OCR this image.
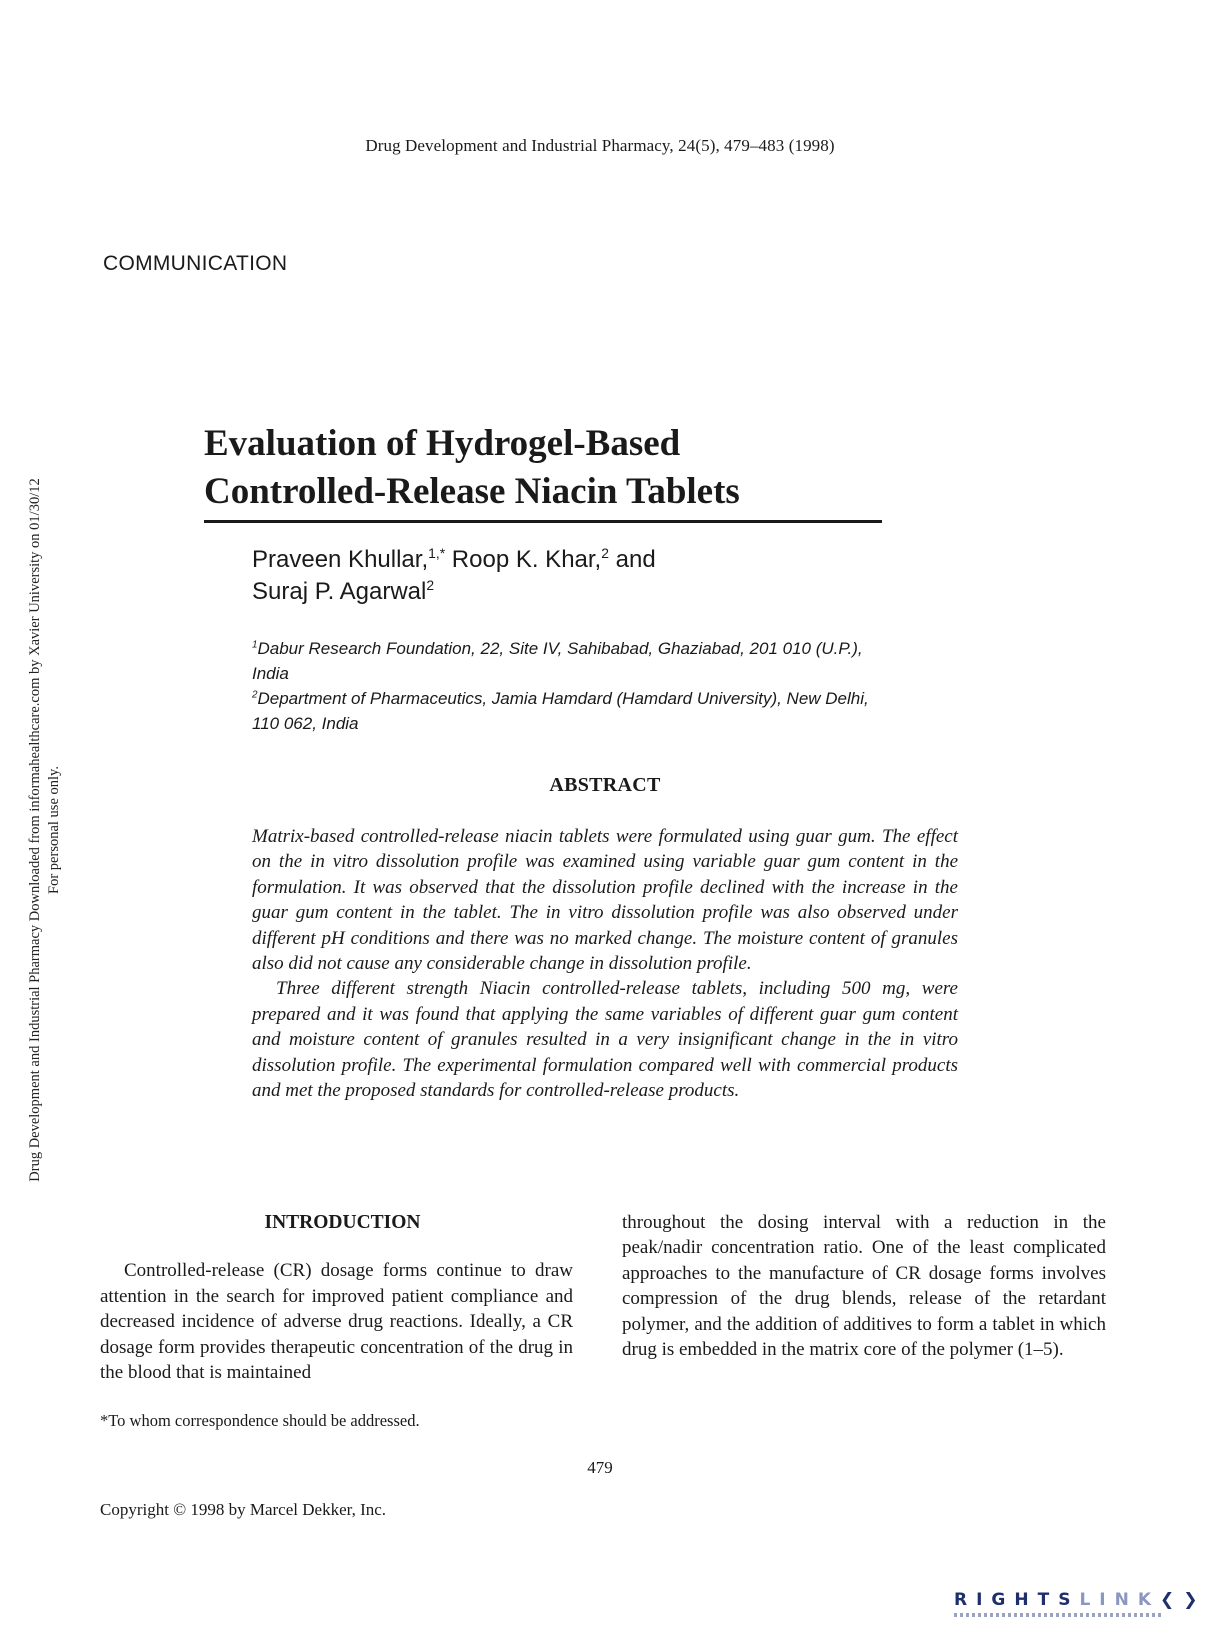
Drug Development and Industrial Pharmacy, 24(5), 479–483 (1998)
COMMUNICATION
Drug Development and Industrial Pharmacy Downloaded from informahealthcare.com by Xavier University on 01/30/12 For personal use only.
Evaluation of Hydrogel-Based
Controlled-Release Niacin Tablets
Praveen Khullar,$^{1,*}$ Roop K. Khar,$^2$ and
Suraj P. Agarwal$^2$

$^1$Dabur Research Foundation, 22, Site IV, Sahibabad, Ghaziabad, 201 010 (U.P.), India

$^2$Department of Pharmaceutics, Jamia Hamdard (Hamdard University), New Delhi, 110 062, India

ABSTRACT

Matrix-based controlled-release niacin tablets were formulated using guar gum. The effect on the in vitro dissolution profile was examined using variable guar gum content in the formulation. It was observed that the dissolution profile declined with the increase in the guar gum content in the tablet. The in vitro dissolution profile was also observed under different pH conditions and there was no marked change. The moisture content of granules also did not cause any considerable change in dissolution profile.

Three different strength Niacin controlled-release tablets, including 500 mg, were prepared and it was found that applying the same variables of different guar gum content and moisture content of granules resulted in a very insignificant change in the in vitro dissolution profile. The experimental formulation compared well with commercial products and met the proposed standards for controlled-release products.

INTRODUCTION

Controlled-release (CR) dosage forms continue to draw attention in the search for improved patient compliance and decreased incidence of adverse drug reactions. Ideally, a CR dosage form provides therapeutic concentration of the drug in the blood that is maintained

throughout the dosing interval with a reduction in the peak/nadir concentration ratio. One of the least complicated approaches to the manufacture of CR dosage forms involves compression of the drug blends, release of the retardant polymer, and the addition of additives to form a tablet in which drug is embedded in the matrix core of the polymer (1–5).

*To whom correspondence should be addressed.
479
Copyright © 1998 by Marcel Dekker, Inc.
RIGHTSLINK❮❯
